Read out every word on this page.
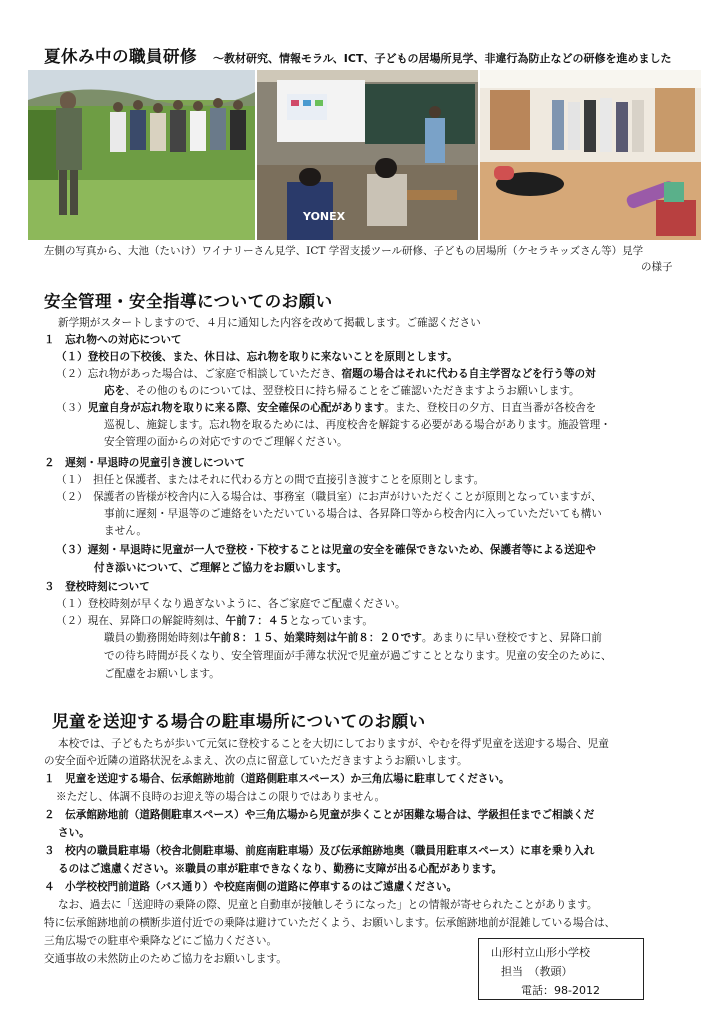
夏休み中の職員研修 ～教材研究、情報モラル、ICT、子どもの居場所見学、非違行為防止などの研修を進めました
YONEX
左側の写真から、大池（たいけ）ワイナリーさん見学、ICT 学習支援ツール研修、子どもの居場所（ケセラキッズさん等）見学
の様子
安全管理・安全指導についてのお願い
新学期がスタートしますので、４月に通知した内容を改めて掲載します。ご確認ください
１　忘れ物への対応について
（１）登校日の下校後、また、休日は、忘れ物を取りに来ないことを原則とします。
（２）忘れ物があった場合は、ご家庭で相談していただき、宿題の場合はそれに代わる自主学習などを行う等の対
応を、その他のものについては、翌登校日に持ち帰ることをご確認いただきますようお願いします。
（３）児童自身が忘れ物を取りに来る際、安全確保の心配があります。また、登校日の夕方、日直当番が各校舎を
巡視し、施錠します。忘れ物を取るためには、再度校舎を解錠する必要がある場合があります。施設管理・
安全管理の面からの対応ですのでご理解ください。
２　遅刻・早退時の児童引き渡しについて
（１）　担任と保護者、またはそれに代わる方との間で直接引き渡すことを原則とします。
（２）　保護者の皆様が校舎内に入る場合は、事務室（職員室）にお声がけいただくことが原則となっていますが、
事前に遅刻・早退等のご連絡をいただいている場合は、各昇降口等から校舎内に入っていただいても構い
ません。
（３）遅刻・早退時に児童が一人で登校・下校することは児童の安全を確保できないため、保護者等による送迎や
付き添いについて、ご理解とご協力をお願いします。
３　登校時刻について
（１）登校時刻が早くなり過ぎないように、各ご家庭でご配慮ください。
（２）現在、昇降口の解錠時刻は、午前７：４５となっています。
職員の勤務開始時刻は午前８：１５、始業時刻は午前８：２０です。あまりに早い登校ですと、昇降口前
での待ち時間が長くなり、安全管理面が手薄な状況で児童が過ごすこととなります。児童の安全のために、
ご配慮をお願いします。
児童を送迎する場合の駐車場所についてのお願い
本校では、子どもたちが歩いて元気に登校することを大切にしておりますが、やむを得ず児童を送迎する場合、児童
の安全面や近隣の道路状況をふまえ、次の点に留意していただきますようお願いします。
１　児童を送迎する場合、伝承館跡地前（道路側駐車スペース）か三角広場に駐車してください。
※ただし、体調不良時のお迎え等の場合はこの限りではありません。
２　伝承館跡地前（道路側駐車スペース）や三角広場から児童が歩くことが困難な場合は、学級担任までご相談くだ
さい。
３　校内の職員駐車場（校舎北側駐車場、前庭南駐車場）及び伝承館跡地奥（職員用駐車スペース）に車を乗り入れ
るのはご遠慮ください。※職員の車が駐車できなくなり、勤務に支障が出る心配があります。
４　小学校校門前道路（バス通り）や校庭南側の道路に停車するのはご遠慮ください。
なお、過去に「送迎時の乗降の際、児童と自動車が接触しそうになった」との情報が寄せられたことがあります。
特に伝承館跡地前の横断歩道付近での乗降は避けていただくよう、お願いします。伝承館跡地前が混雑している場合は、
三角広場での駐車や乗降などにご協力ください。
交通事故の未然防止のためご協力をお願いします。	山形村立山形小学校
担当　（教頭）
電話：98-2012
